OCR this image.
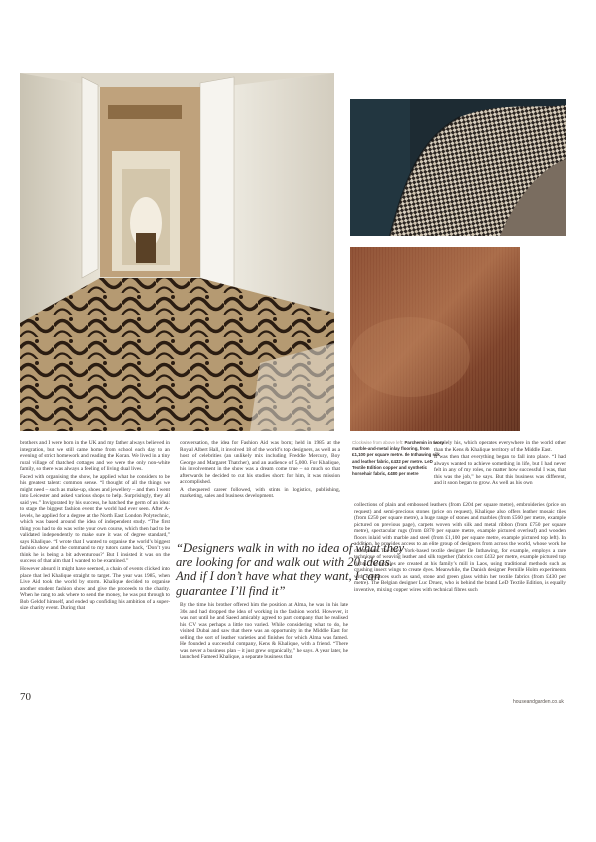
brothers and I were born in the UK and my father always believed in integration, but we still came home from school each day to an evening of strict homework and reading the Koran. We lived in a tiny rural village of thatched cottages and we were the only non-white family, so there was always a feeling of living dual lives.

Faced with organising the show, he applied what he considers to be his greatest talent: common sense. “I thought of all the things we might need – such as make-up, shoes and jewellery – and then I went into Leicester and asked various shops to help. Surprisingly, they all said yes.” Invigorated by his success, he hatched the germ of an idea: to stage the biggest fashion event the world had ever seen. After A-levels, he applied for a degree at the North East London Polytechnic, which was based around the idea of independent study. “The first thing you had to do was write your own course, which then had to be validated independently to make sure it was of degree standard,” says Khalique. “I wrote that I wanted to organise the world’s biggest fashion show and the command to my tutors came back, ‘Don’t you think he is being a bit adventurous?’ But I insisted it was on the success of that aim that I wanted to be examined.”

However absurd it might have seemed, a chain of events clicked into place that led Khalique straight to target. The year was 1985, when Live Aid took the world by storm. Khalique decided to organise another student fashion show and give the proceeds to the charity. When he rang to ask where to send the money, he was put through to Bob Geldof himself, and ended up confiding his ambition of a super-size charity event. During that

conversation, the idea for Fashion Aid was born; held in 1985 at the Royal Albert Hall, it involved 18 of the world’s top designers, as well as a host of celebrities (an unlikely mix including Freddie Mercury, Boy George and Margaret Thatcher), and an audience of 5,000. For Khalique, his involvement in the show was a dream come true – so much so that afterwards he decided to cut his studies short: for him, it was mission accomplished.

A chequered career followed, with stints in logistics, publishing, marketing, sales and business development.

Clockwise from above left: Parchemin in Ivory marble-and-metal inlay flooring, from £1,100 per square metre. Ile Inthawing silk and leather fabric, £432 per metre. LeD Textile Edition copper and synthetic horsehair fabric, £480 per metre

is solely his, which operates everywhere in the world other than the Kens & Khalique territory of the Middle East.

It was then that everything began to fall into place. “I had always wanted to achieve something in life, but I had never felt in any of my roles, no matter how successful I was, that this was the job,” he says. But this business was different, and it soon began to grow. As well as his own

“Designers walk in with no idea of what they are looking for and walk out with 20 ideas. And if I don’t have what they want, I can guarantee I’ll find it”

By the time his brother offered him the position at Alma, he was in his late 30s and had dropped the idea of working in the fashion world. However, it was not until he and Saeed amicably agreed to part company that he realised his CV was perhaps a little too varied. While considering what to do, he visited Dubai and saw that there was an opportunity in the Middle East for selling the sort of leather varieties and finishes for which Alma was famed. He founded a successful company, Kens & Khalique, with a friend. “There was never a business plan – it just grew organically,” he says. A year later, he launched Fameed Khalique, a separate business that

collections of plain and embossed leathers (from £204 per square metre), embroideries (price on request) and semi-precious stones (price on request), Khalique also offers leather mosaic tiles (from £250 per square metre), a huge range of stones and marbles (from £560 per metre, example pictured on previous page), carpets woven with silk and metal ribbon (from £750 per square metre), spectacular rugs (from £870 per square metre, example pictured overleaf) and wooden floors inlaid with marble and steel (from £1,100 per square metre, example pictured top left). In addition, he provides access to an elite group of designers from across the world, whose work he champions. The New York-based textile designer Ile Inthawing, for example, employs a rare technique of weaving leather and silk together (fabrics cost £432 per metre, example pictured top right). The textiles are created at his family’s mill in Laos, using traditional methods such as crushing insect wings to create dyes. Meanwhile, the Danish designer Pernille Holm experiments with substances such as sand, stone and green glass within her textile fabrics (from £430 per metre). The Belgian designer Luc Druez, who is behind the brand LeD Textile Edition, is equally inventive, mixing copper wires with technical fibres such

70	houseandgarden.co.uk
